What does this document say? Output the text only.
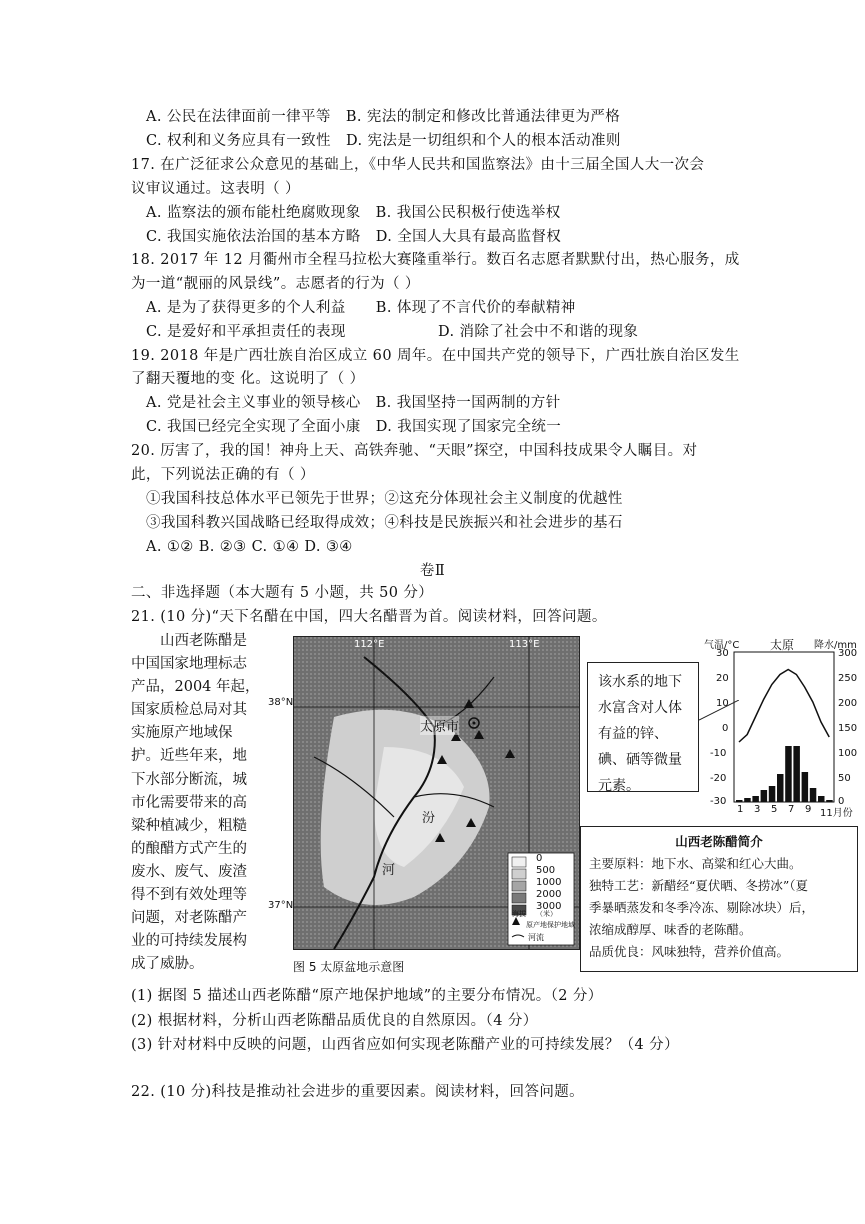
A. 公民在法律面前一律平等 B. 宪法的制定和修改比普通法律更为严格
C. 权利和义务应具有一致性 D. 宪法是一切组织和个人的根本活动准则
17. 在广泛征求公众意见的基础上，《中华人民共和国监察法》由十三届全国人大一次会
议审议通过。这表明（ ）
A. 监察法的颁布能杜绝腐败现象 B. 我国公民积极行使选举权
C. 我国实施依法治国的基本方略 D. 全国人大具有最高监督权
18. 2017 年 12 月衢州市全程马拉松大赛隆重举行。数百名志愿者默默付出，热心服务，成
为一道“靓丽的风景线”。志愿者的行为（ ）
A. 是为了获得更多的个人利益 B. 体现了不言代价的奉献精神
C. 是爱好和平承担责任的表现	D. 消除了社会中不和谐的现象
19. 2018 年是广西壮族自治区成立 60 周年。在中国共产党的领导下，广西壮族自治区发生
了翻天覆地的变 化。这说明了（ ）
A. 党是社会主义事业的领导核心 B. 我国坚持一国两制的方针
C. 我国已经完全实现了全面小康 D. 我国实现了国家完全统一
20. 厉害了，我的国！神舟上天、高铁奔驰、“天眼”探空，中国科技成果令人瞩目。对
此，下列说法正确的有（ ）
①我国科技总体水平已领先于世界；②这充分体现社会主义制度的优越性
③我国科教兴国战略已经取得成效；④科技是民族振兴和社会进步的基石
A. ①② B. ②③ C. ①④ D. ③④
卷Ⅱ
二、非选择题（本大题有 5 小题，共 50 分）
21. (10 分)“天下名醋在中国，四大名醋晋为首。阅读材料，回答问题。
山西老陈醋是
中国国家地理标志
产品，2004 年起，
国家质检总局对其
实施原产地域保
护。近些年来，地
下水部分断流，城
市化需要带来的高
粱种植减少，粗糙
的酿醋方式产生的
废水、废气、废渣
得不到有效处理等
问题，对老陈醋产
业的可持续发展构
成了威胁。
112°E	113°E
太原市
汾
河
0
500
1000
2000
3000
海拔 （米）
原产地保护地域
河流
38°N
37°N
图 5 太原盆地示意图
该水系的地下水富含对人体有益的锌、碘、硒等微量元素。
气温/°C	太原 降水/mm
30
20
10
0
-10
-20
-30
300
250
200
150
100
50
0
1 3 5 7 9 11月份
山西老陈醋简介
主要原料：地下水、高粱和红心大曲。
独特工艺：新醋经“夏伏晒、冬捞冰”（夏
季暴晒蒸发和冬季冷冻、剔除冰块）后，
浓缩成醇厚、味香的老陈醋。
品质优良：风味独特，营养价值高。
(1) 据图 5 描述山西老陈醋“原产地保护地域”的主要分布情况。（2 分）
(2) 根据材料，分析山西老陈醋品质优良的自然原因。（4 分）
(3) 针对材料中反映的问题，山西省应如何实现老陈醋产业的可持续发展？（4 分）
22. (10 分)科技是推动社会进步的重要因素。阅读材料，回答问题。
